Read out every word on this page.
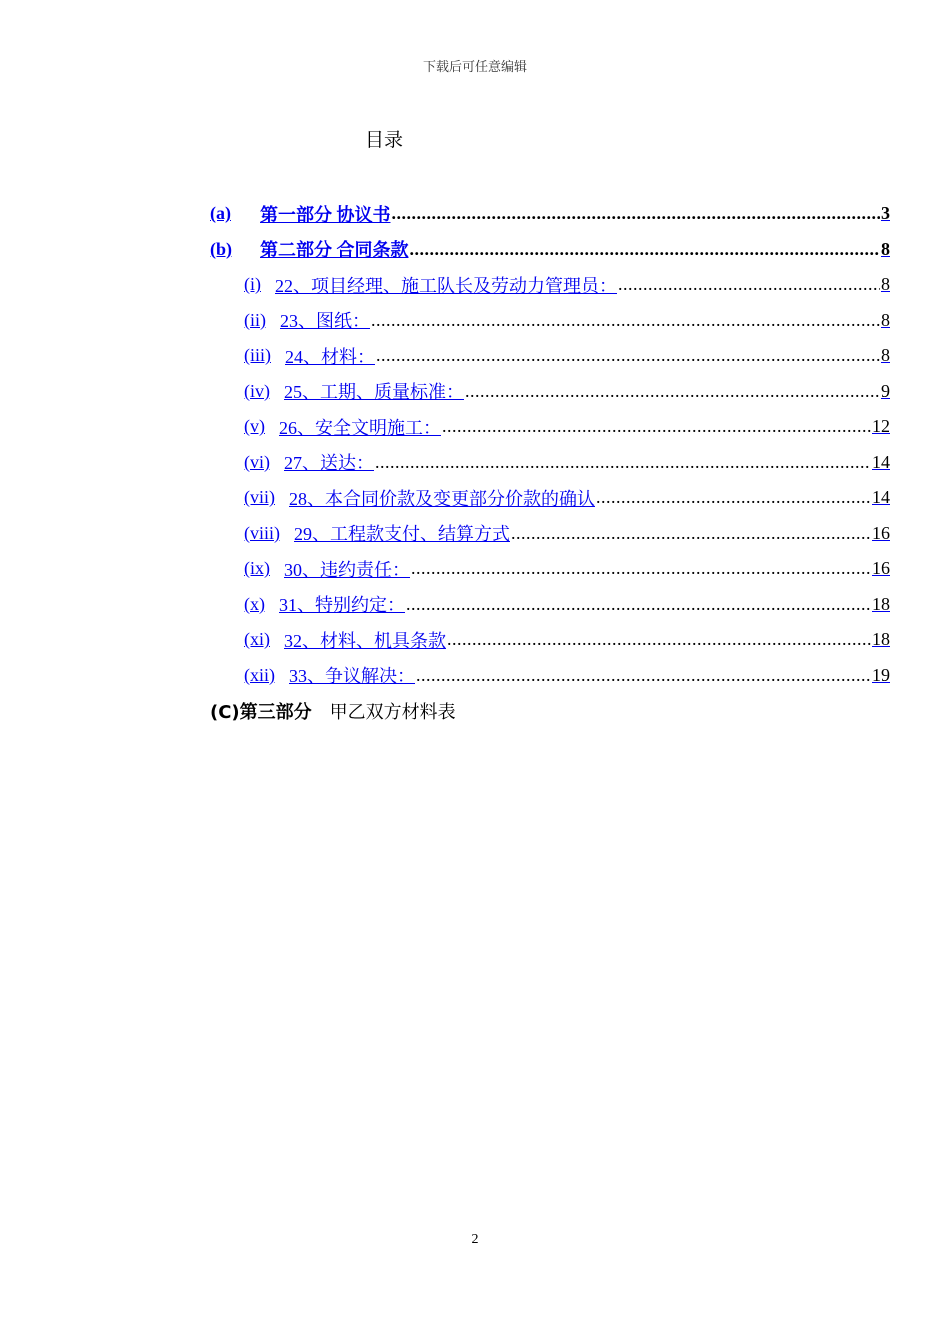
下载后可任意编辑
目录
(a)	第一部分 协议书 .....	3
(b)	第二部分 合同条款 .....	8
(i) 22、项目经理、施工队长及劳动力管理员： .....	8
(ii) 23、图纸： .....	8
(iii) 24、材料： .....	8
(iv) 25、工期、质量标准： .....	9
(v) 26、安全文明施工： .....	12
(vi) 27、送达： .....	14
(vii) 28、本合同价款及变更部分价款的确认 .....	14
(viii) 29、工程款支付、结算方式 .....	16
(ix) 30、违约责任： .....	16
(x) 31、特别约定： .....	18
(xi) 32、材料、机具条款 .....	18
(xii) 33、争议解决： .....	19
(C)第三部分 甲乙双方材料表
2
